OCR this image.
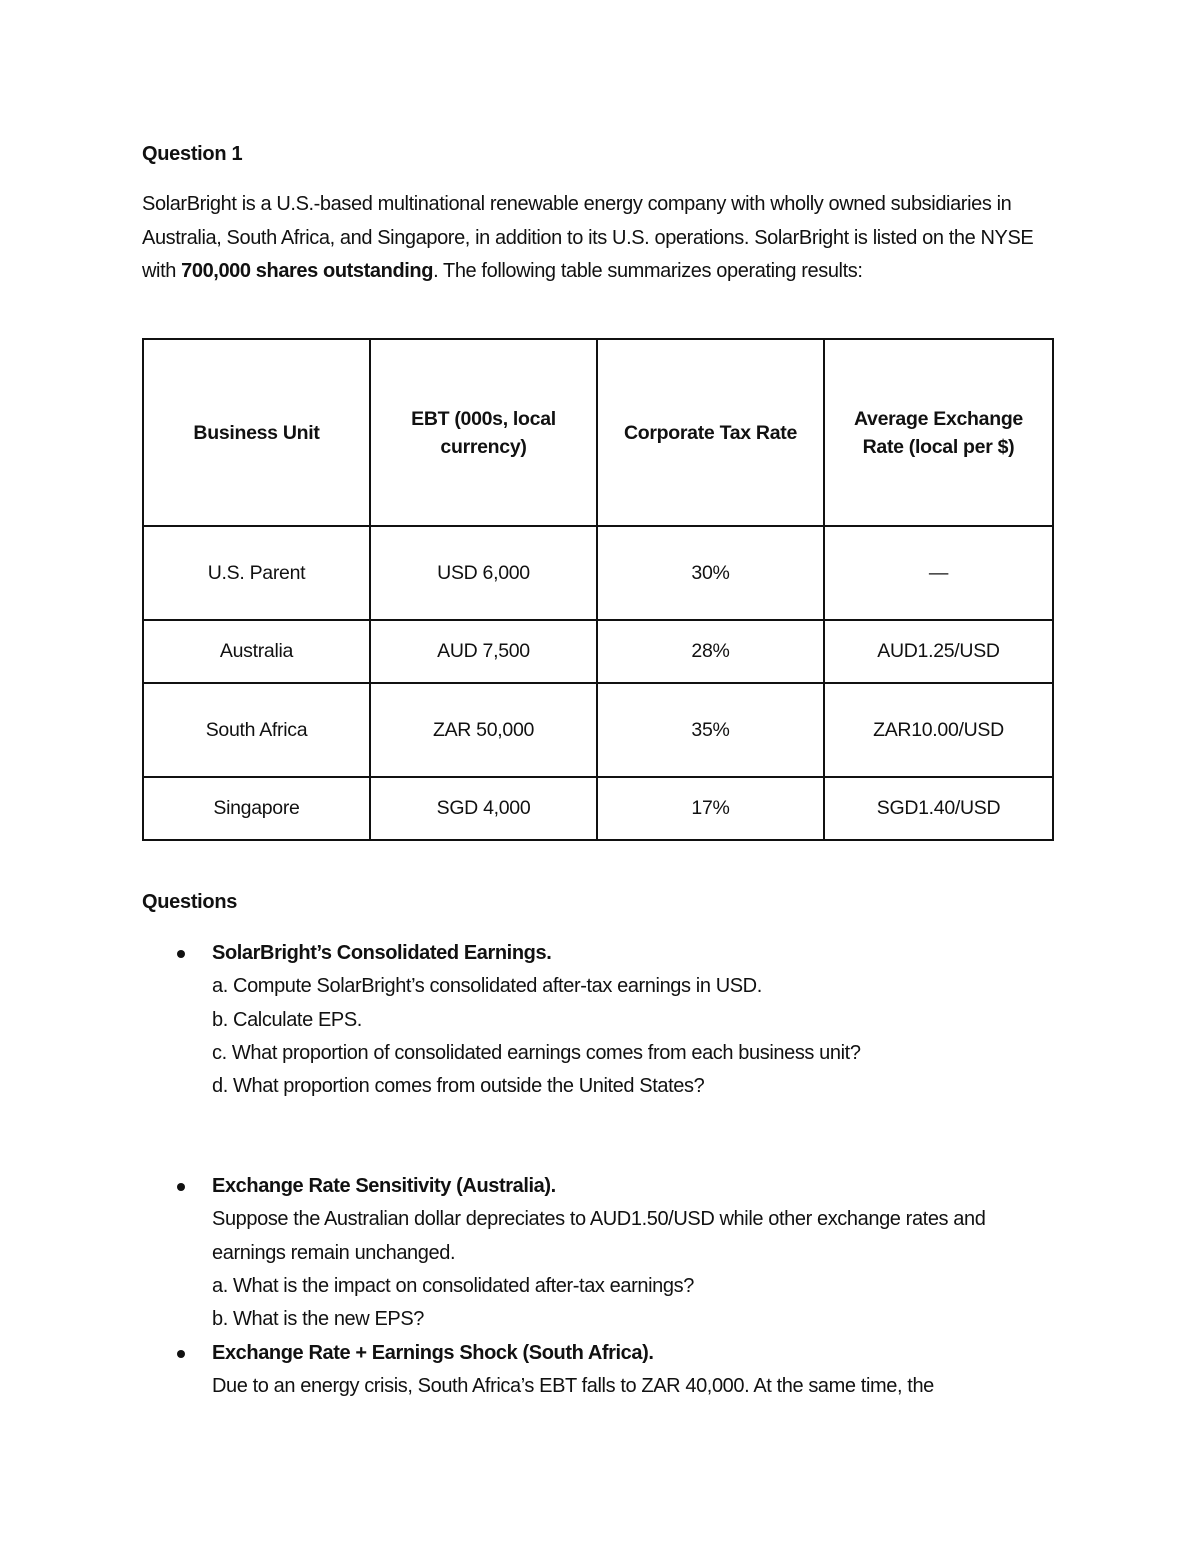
Question 1

SolarBright is a U.S.-based multinational renewable energy company with wholly owned subsidiaries in Australia, South Africa, and Singapore, in addition to its U.S. operations. SolarBright is listed on the NYSE with 700,000 shares outstanding. The following table summarizes operating results:

Business Unit	EBT (000s, local currency)	Corporate Tax Rate	Average Exchange Rate (local per $)
U.S. Parent	USD 6,000	30%	—
Australia	AUD 7,500	28%	AUD1.25/USD
South Africa	ZAR 50,000	35%	ZAR10.00/USD
Singapore	SGD 4,000	17%	SGD1.40/USD
Questions
SolarBright’s Consolidated Earnings.
a. Compute SolarBright’s consolidated after-tax earnings in USD.
b. Calculate EPS.
c. What proportion of consolidated earnings comes from each business unit?
d. What proportion comes from outside the United States?
Exchange Rate Sensitivity (Australia).
Suppose the Australian dollar depreciates to AUD1.50/USD while other exchange rates and earnings remain unchanged.
a. What is the impact on consolidated after-tax earnings?
b. What is the new EPS?
Exchange Rate + Earnings Shock (South Africa).
Due to an energy crisis, South Africa’s EBT falls to ZAR 40,000. At the same time, the
